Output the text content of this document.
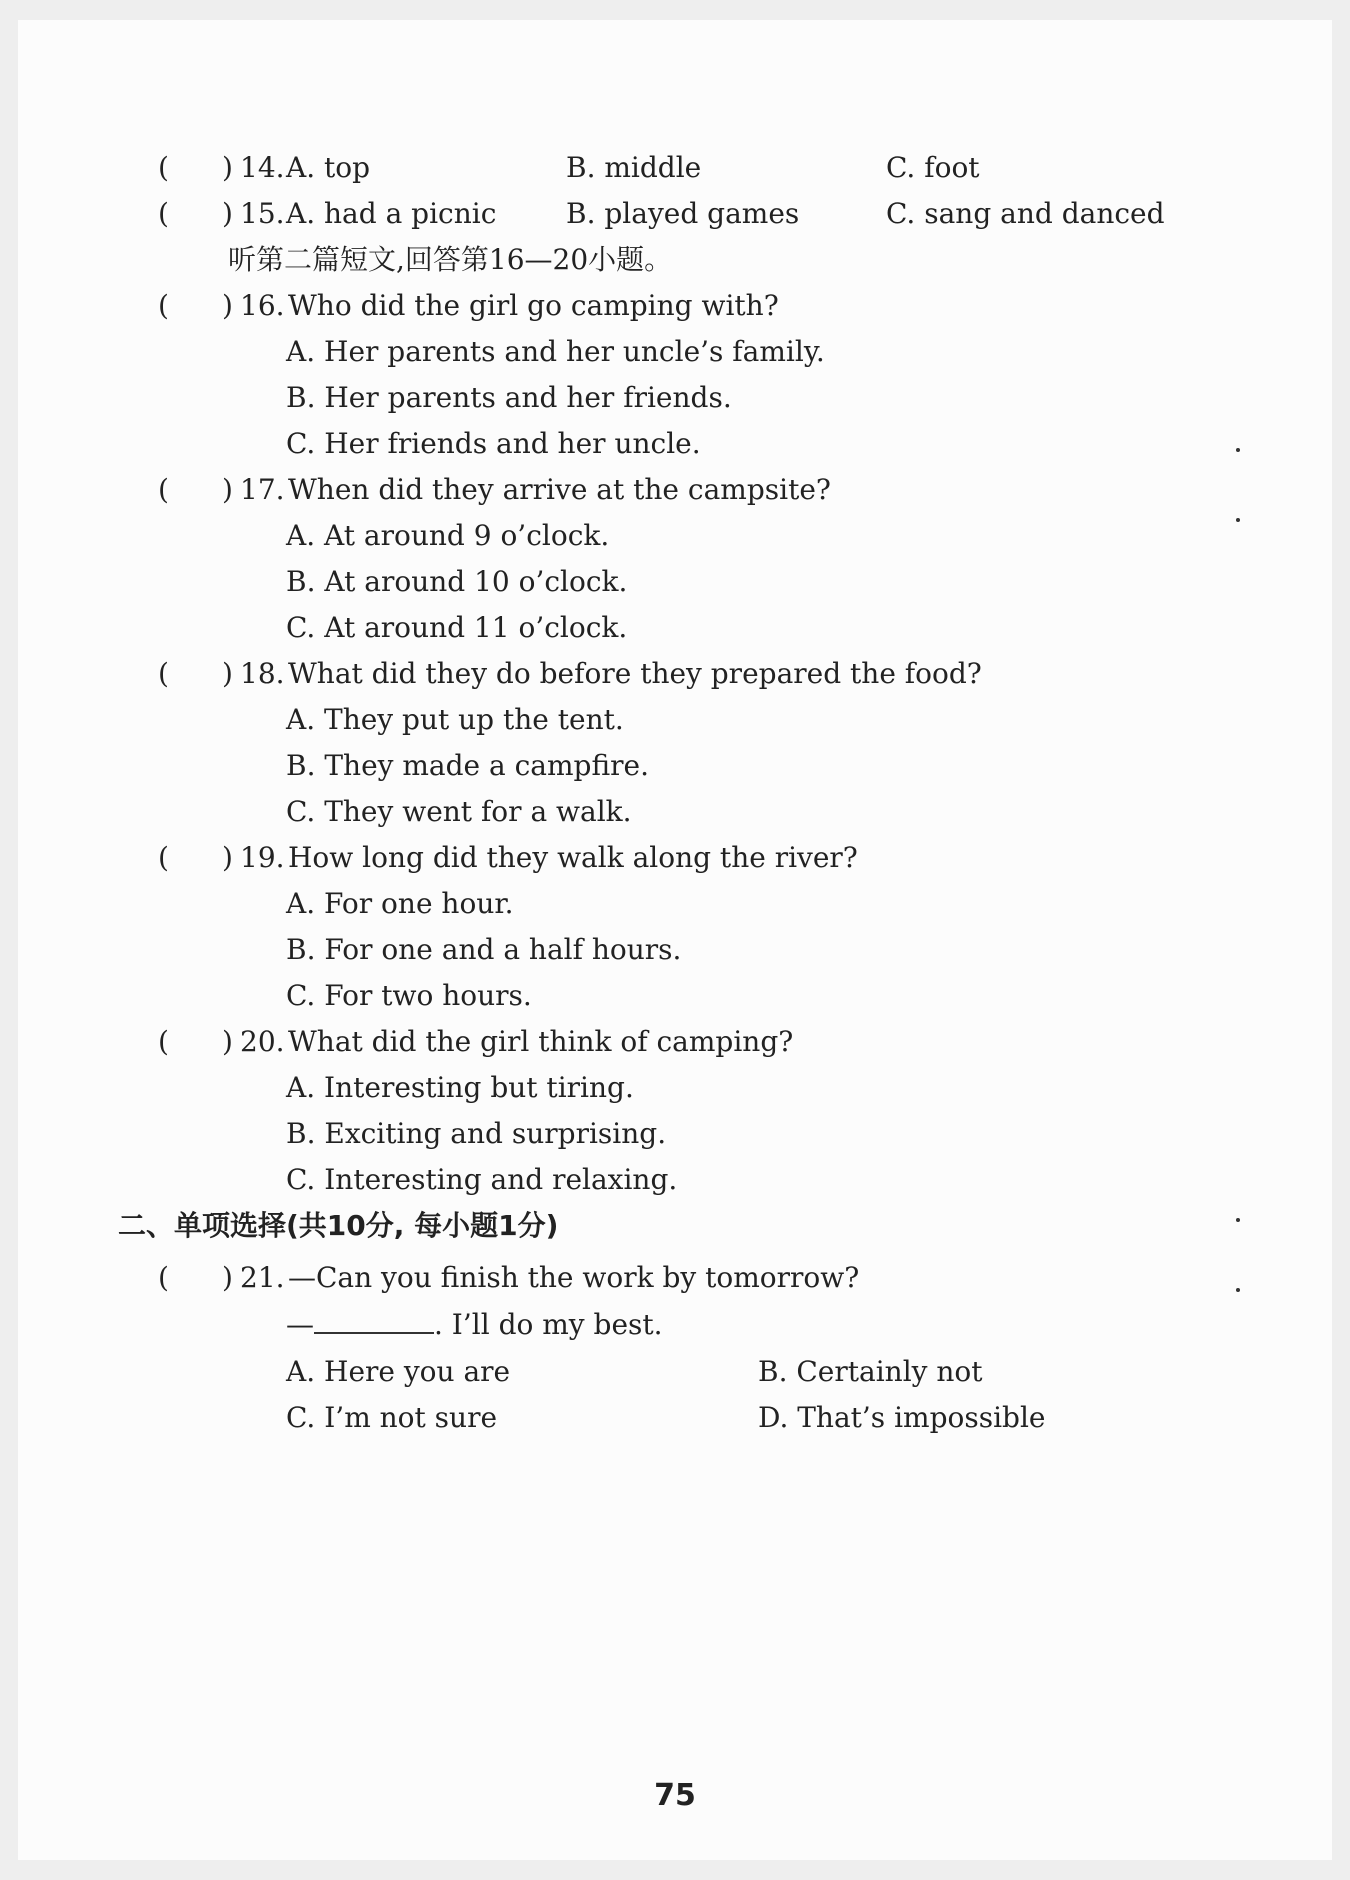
( ) 14. A. top	B. middle	C. foot
( ) 15. A. had a picnic B. played games	C. sang and danced
听第二篇短文,回答第16—20小题。
( ) 16. Who did the girl go camping with?
A. Her parents and her uncle’s family.
B. Her parents and her friends.
C. Her friends and her uncle.
( ) 17. When did they arrive at the campsite?
A. At around 9 o’clock.
B. At around 10 o’clock.
C. At around 11 o’clock.
( ) 18. What did they do before they prepared the food?
A. They put up the tent.
B. They made a campfire.
C. They went for a walk.
( ) 19. How long did they walk along the river?
A. For one hour.
B. For one and a half hours.
C. For two hours.
( ) 20. What did the girl think of camping?
A. Interesting but tiring.
B. Exciting and surprising.
C. Interesting and relaxing.
二、单项选择(共10分, 每小题1分)
( ) 21. —Can you finish the work by tomorrow?
—	. I’ll do my best.
A. Here you are	B. Certainly not
C. I’m not sure	D. That’s impossible
75
